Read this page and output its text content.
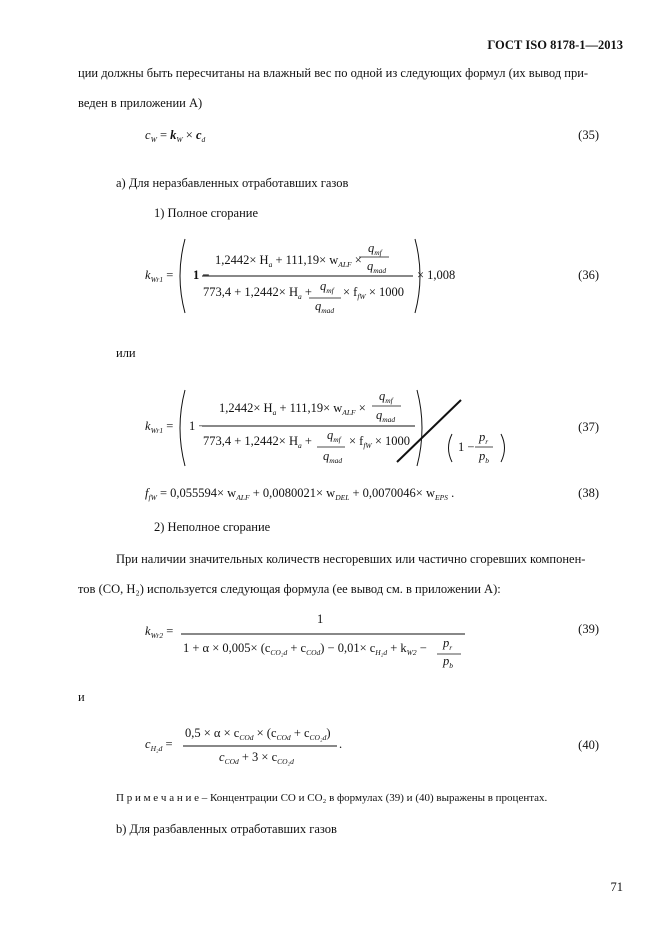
ГОСТ ISO 8178-1—2013
ции должны быть пересчитаны на влажный вес по одной из следующих формул (их вывод при-
веден в приложении А)
$c_W = k_W \times c_d$	(35)
а) Для неразбавленных отработавших газов
1) Полное сгорание
$k_{Wr1} = 1$ −
$1,2442\times H_a + 111,19\times w_{ALF}$ ×
$q_{mf}$
$q_{mad}$
$773,4 + 1,2442\times H_a + q_{mf}$
$q_{mad}$
× $f_{fW} \times 1000$
× 1,008	(36)
или
$k_{Wr1} = 1$ −
$1,2442\times H_a + 111,19\times w_{ALF}$ ×
$q_{mf}$
$q_{mad}$
$773,4 + 1,2442\times H_a + q_{mf}$
$q_{mad}$
× $f_{fW} \times 1000$	1 −
$p_r$
$p_b$
(37)
$f_{fW} = 0,055594\times w_{ALF} + 0,0080021\times w_{DEL} + 0,0070046\times w_{EPS}$ .	(38)
2) Неполное сгорание
При наличии значительных количеств несгоревших или частично сгоревших компонен-
тов (СО, Н₂) используется следующая формула (ее вывод см. в приложении А):
$k_{Wr2}$ =
1
$1 + \alpha \times 0,005\times (c_{CO_2d} + c_{COd}) - 0,01\times c_{H_2d} + k_{W2} - p_r$
$p_b$
(39)
и
$c_{H_2d}$ =
$0,5 \times \alpha \times c_{COd} \times (c_{COd} + c_{CO_2d})$
$c_{COd} + 3 \times c_{CO_2d}$
.	(40)
П р и м е ч а н и е – Концентрации СО и СО₂ в формулах (39) и (40) выражены в процентах.
b) Для разбавленных отработавших газов
71
